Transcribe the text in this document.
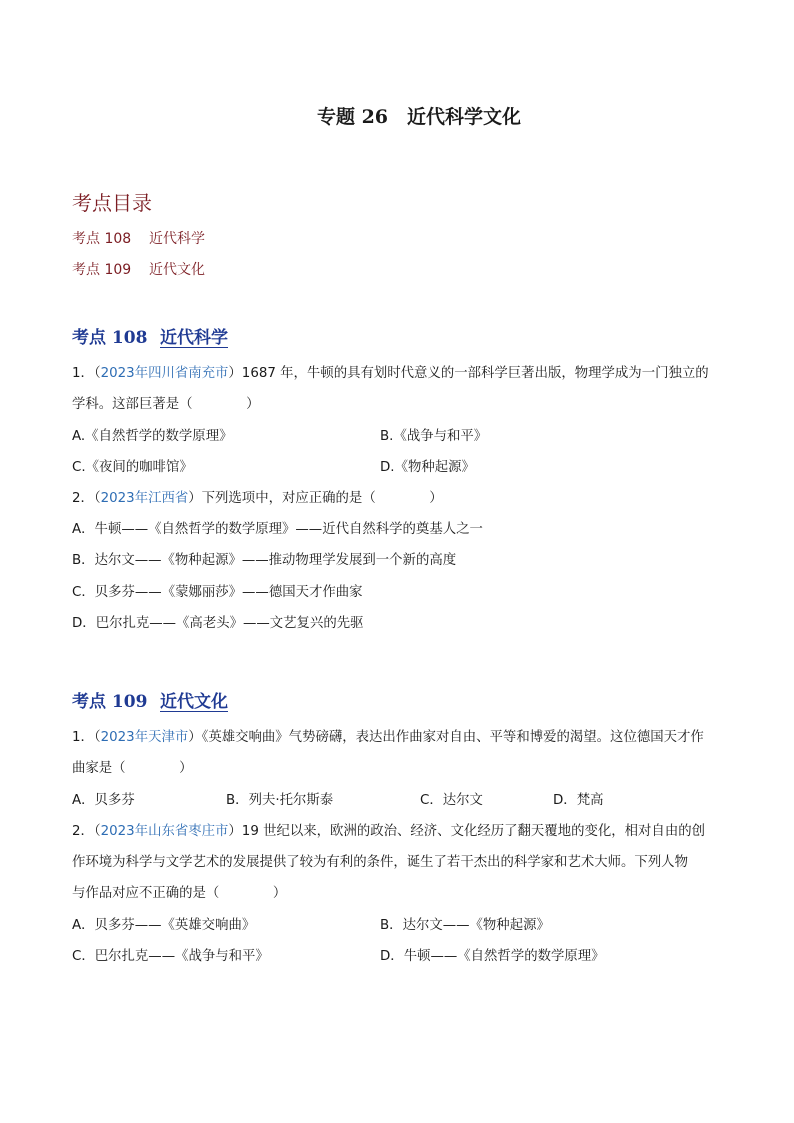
专题 26　近代科学文化
考点目录
考点 108 近代科学
考点 109 近代文化
考点 108 近代科学
1．（2023年四川省南充市）1687 年，牛顿的具有划时代意义的一部科学巨著出版，物理学成为一门独立的
学科。这部巨著是（　　　　）
A.《自然哲学的数学原理》	B.《战争与和平》
C.《夜间的咖啡馆》	D.《物种起源》
2．（2023年江西省）下列选项中，对应正确的是（　　　　）
A．牛顿——《自然哲学的数学原理》——近代自然科学的奠基人之一
B．达尔文——《物种起源》——推动物理学发展到一个新的高度
C．贝多芬——《蒙娜丽莎》——德国天才作曲家
D．巴尔扎克——《高老头》——文艺复兴的先驱
考点 109 近代文化
1．（2023年天津市）《英雄交响曲》气势磅礴，表达出作曲家对自由、平等和博爱的渴望。这位德国天才作
曲家是（　　　　）
A．贝多芬	B．列夫·托尔斯泰	C．达尔文	D．梵高
2．（2023年山东省枣庄市）19 世纪以来，欧洲的政治、经济、文化经历了翻天覆地的变化，相对自由的创
作环境为科学与文学艺术的发展提供了较为有利的条件，诞生了若干杰出的科学家和艺术大师。下列人物
与作品对应不正确的是（　　　　）
A．贝多芬——《英雄交响曲》	B．达尔文——《物种起源》
C．巴尔扎克——《战争与和平》	D．牛顿——《自然哲学的数学原理》
